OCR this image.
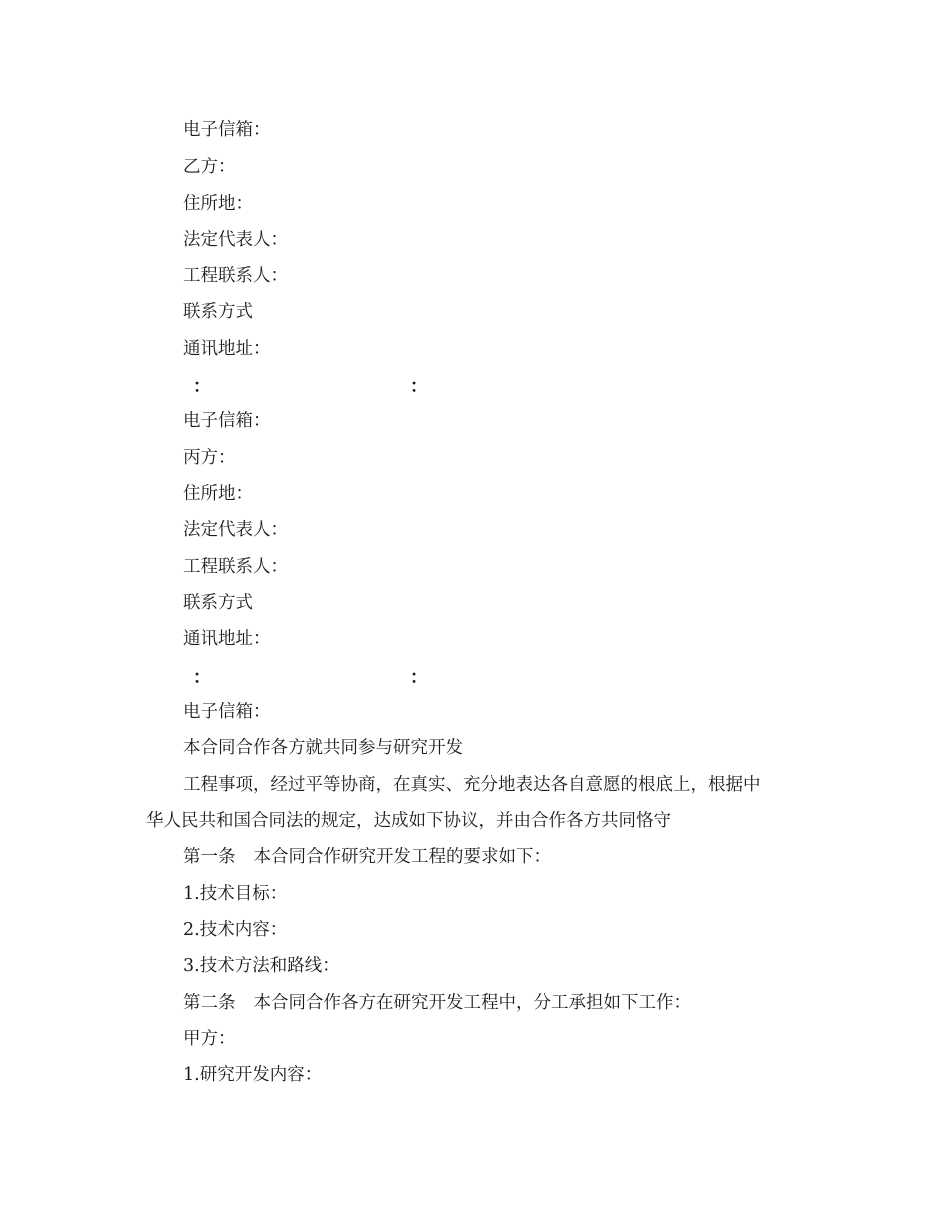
电子信箱：
乙方：
住所地：
法定代表人：
工程联系人：
联系方式
通讯地址：
：	：
电子信箱：
丙方：
住所地：
法定代表人：
工程联系人：
联系方式
通讯地址：
：	：
电子信箱：
本合同合作各方就共同参与研究开发
工程事项，经过平等协商，在真实、充分地表达各自意愿的根底上，根据中
华人民共和国合同法的规定，达成如下协议，并由合作各方共同恪守
第一条 本合同合作研究开发工程的要求如下：
1.技术目标：
2.技术内容：
3.技术方法和路线：
第二条 本合同合作各方在研究开发工程中，分工承担如下工作：
甲方：
1.研究开发内容：
